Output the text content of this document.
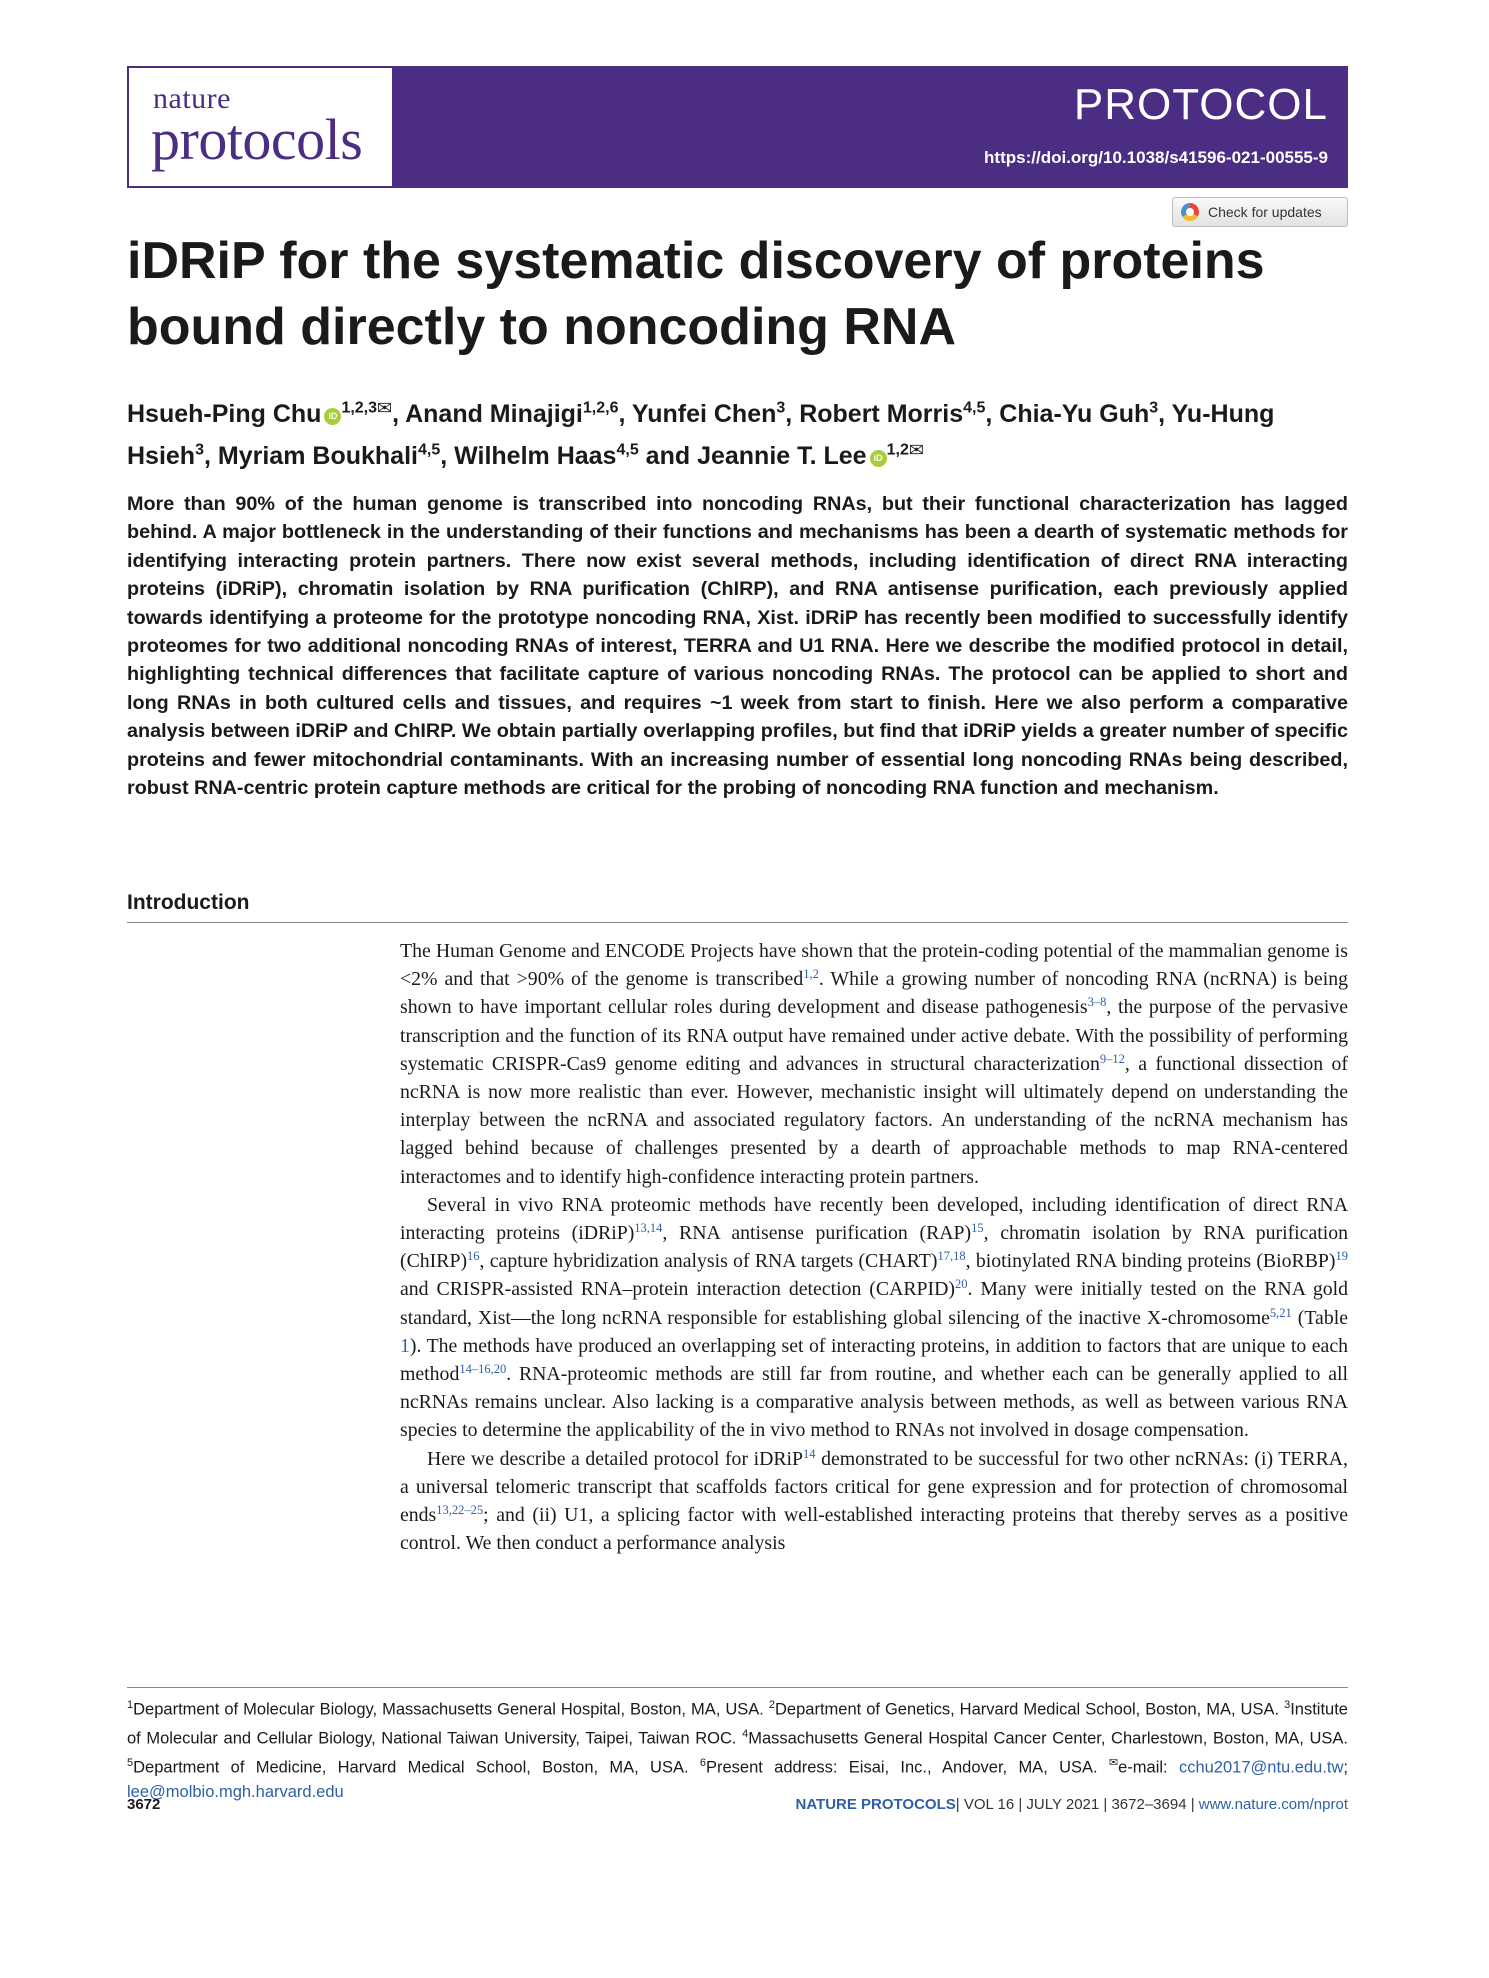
nature
protocols
PROTOCOL
https://doi.org/10.1038/s41596-021-00555-9
Check for updates
iDRiP for the systematic discovery of proteins bound directly to noncoding RNA

Hsueh-Ping Chu iD $^{1,2,3✉}$, Anand Minajigi$^{1,2,6}$, Yunfei Chen$^3$, Robert Morris$^{4,5}$, Chia-Yu Guh$^3$, Yu-Hung Hsieh$^3$, Myriam Boukhali$^{4,5}$, Wilhelm Haas$^{4,5}$ and Jeannie T. Lee iD $^{1,2✉}$

More than 90% of the human genome is transcribed into noncoding RNAs, but their functional characterization has lagged behind. A major bottleneck in the understanding of their functions and mechanisms has been a dearth of systematic methods for identifying interacting protein partners. There now exist several methods, including identification of direct RNA interacting proteins (iDRiP), chromatin isolation by RNA purification (ChIRP), and RNA antisense purification, each previously applied towards identifying a proteome for the prototype noncoding RNA, Xist. iDRiP has recently been modified to successfully identify proteomes for two additional noncoding RNAs of interest, TERRA and U1 RNA. Here we describe the modified protocol in detail, highlighting technical differences that facilitate capture of various noncoding RNAs. The protocol can be applied to short and long RNAs in both cultured cells and tissues, and requires ~1 week from start to finish. Here we also perform a comparative analysis between iDRiP and ChIRP. We obtain partially overlapping profiles, but find that iDRiP yields a greater number of specific proteins and fewer mitochondrial contaminants. With an increasing number of essential long noncoding RNAs being described, robust RNA-centric protein capture methods are critical for the probing of noncoding RNA function and mechanism.

Introduction

The Human Genome and ENCODE Projects have shown that the protein-coding potential of the mammalian genome is <2% and that >90% of the genome is transcribed$^{1,2}$. While a growing number of noncoding RNA (ncRNA) is being shown to have important cellular roles during development and disease pathogenesis$^{3-8}$, the purpose of the pervasive transcription and the function of its RNA output have remained under active debate. With the possibility of performing systematic CRISPR-Cas9 genome editing and advances in structural characterization$^{9-12}$, a functional dissection of ncRNA is now more realistic than ever. However, mechanistic insight will ultimately depend on understanding the interplay between the ncRNA and associated regulatory factors. An understanding of the ncRNA mechanism has lagged behind because of challenges presented by a dearth of approachable methods to map RNA-centered interactomes and to identify high-confidence interacting protein partners.

Several in vivo RNA proteomic methods have recently been developed, including identification of direct RNA interacting proteins (iDRiP)$^{13,14}$, RNA antisense purification (RAP)$^{15}$, chromatin isolation by RNA purification (ChIRP)$^{16}$, capture hybridization analysis of RNA targets (CHART)$^{17,18}$, biotinylated RNA binding proteins (BioRBP)$^{19}$ and CRISPR-assisted RNA–protein interaction detection (CARPID)$^{20}$. Many were initially tested on the RNA gold standard, Xist—the long ncRNA responsible for establishing global silencing of the inactive X-chromosome$^{5,21}$ (Table 1). The methods have produced an overlapping set of interacting proteins, in addition to factors that are unique to each method$^{14-16,20}$. RNA-proteomic methods are still far from routine, and whether each can be generally applied to all ncRNAs remains unclear. Also lacking is a comparative analysis between methods, as well as between various RNA species to determine the applicability of the in vivo method to RNAs not involved in dosage compensation.

Here we describe a detailed protocol for iDRiP$^{14}$ demonstrated to be successful for two other ncRNAs: (i) TERRA, a universal telomeric transcript that scaffolds factors critical for gene expression and for protection of chromosomal ends$^{13,22-25}$; and (ii) U1, a splicing factor with well-established interacting proteins that thereby serves as a positive control. We then conduct a performance analysis

$^1$Department of Molecular Biology, Massachusetts General Hospital, Boston, MA, USA. $^2$Department of Genetics, Harvard Medical School, Boston, MA, USA. $^3$Institute of Molecular and Cellular Biology, National Taiwan University, Taipei, Taiwan ROC. $^4$Massachusetts General Hospital Cancer Center, Charlestown, Boston, MA, USA. $^5$Department of Medicine, Harvard Medical School, Boston, MA, USA. $^6$Present address: Eisai, Inc., Andover, MA, USA. ✉e-mail: cchu2017@ntu.edu.tw; lee@molbio.mgh.harvard.edu

3672	NATURE PROTOCOLS| VOL 16 | JULY 2021 | 3672–3694 | www.nature.com/nprot
